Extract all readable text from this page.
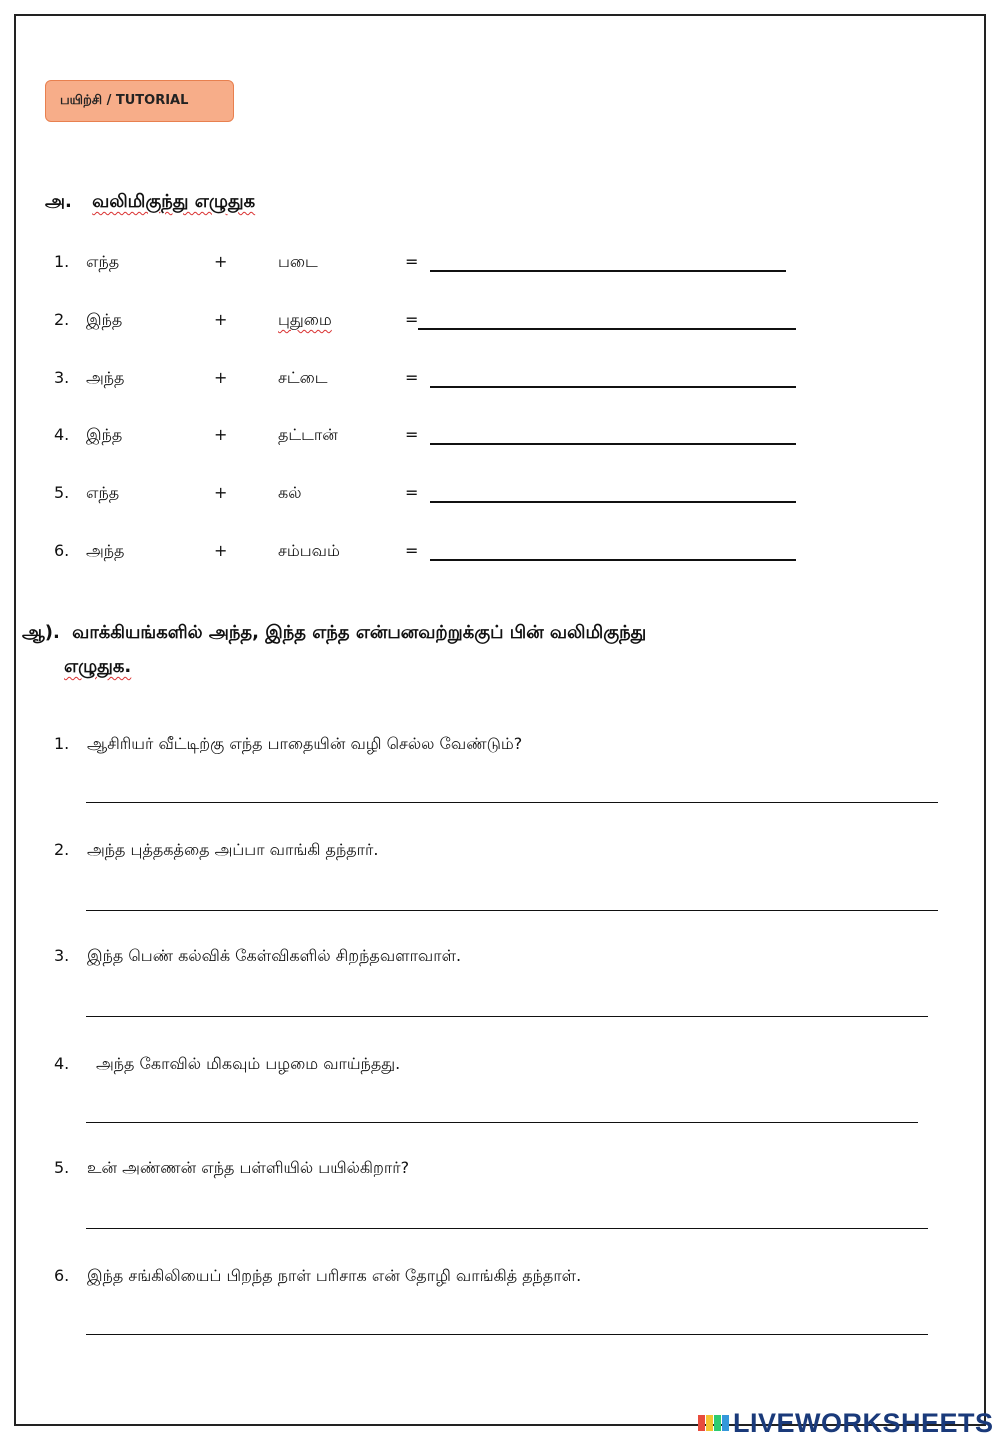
பயிற்சி / TUTORIAL
அ. வலிமிகுந்து எழுதுக
1. எந்த	+	படை	=
2. இந்த	+	புதுமை	=
3. அந்த	+	சட்டை	=
4. இந்த	+	தட்டான்	=
5. எந்த	+	கல்	=
6. அந்த	+	சம்பவம்	=
ஆ). வாக்கியங்களில் அந்த, இந்த எந்த என்பனவற்றுக்குப் பின் வலிமிகுந்து
எழுதுக.
1. ஆசிரியர் வீட்டிற்கு எந்த பாதையின் வழி செல்ல வேண்டும்?
2. அந்த புத்தகத்தை அப்பா வாங்கி தந்தார்.
3. இந்த பெண் கல்விக் கேள்விகளில் சிறந்தவளாவாள்.
4. அந்த கோவில் மிகவும் பழமை வாய்ந்தது.
5. உன் அண்ணன் எந்த பள்ளியில் பயில்கிறார்?
6. இந்த சங்கிலியைப் பிறந்த நாள் பரிசாக என் தோழி வாங்கித் தந்தாள்.
LIVEWORKSHEETS
